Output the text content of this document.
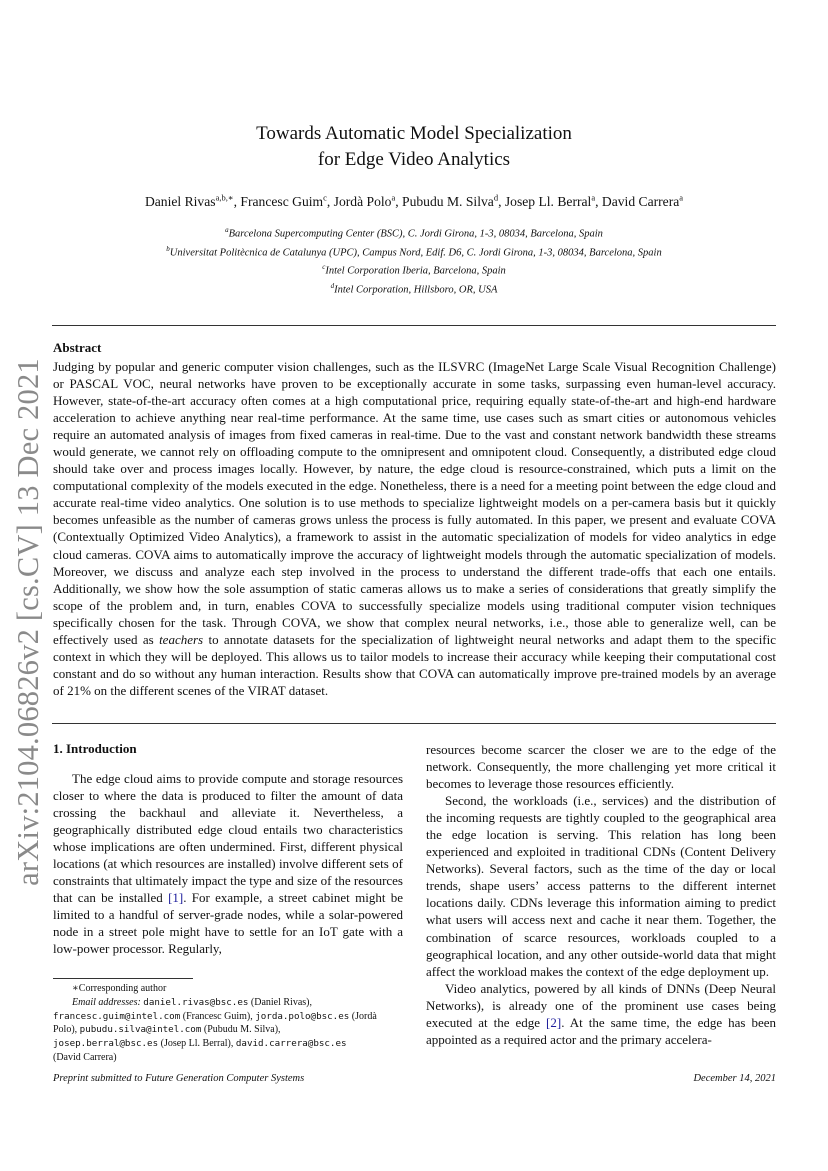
arXiv:2104.06826v2 [cs.CV] 13 Dec 2021
Towards Automatic Model Specialization
for Edge Video Analytics
Daniel Rivas$^{a,b,∗}$, Francesc Guim$^c$, Jordà Polo$^a$, Pubudu M. Silva$^d$, Josep Ll. Berral$^a$, David Carrera$^a$
$^a$Barcelona Supercomputing Center (BSC), C. Jordi Girona, 1-3, 08034, Barcelona, Spain
$^b$Universitat Politècnica de Catalunya (UPC), Campus Nord, Edif. D6, C. Jordi Girona, 1-3, 08034, Barcelona, Spain
$^c$Intel Corporation Iberia, Barcelona, Spain
$^d$Intel Corporation, Hillsboro, OR, USA
Abstract
Judging by popular and generic computer vision challenges, such as the ILSVRC (ImageNet Large Scale Visual Recognition Challenge) or PASCAL VOC, neural networks have proven to be exceptionally accurate in some tasks, surpassing even human-level accuracy. However, state-of-the-art accuracy often comes at a high computational price, requiring equally state-of-the-art and high-end hardware acceleration to achieve anything near real-time performance. At the same time, use cases such as smart cities or autonomous vehicles require an automated analysis of images from fixed cameras in real-time. Due to the vast and constant network bandwidth these streams would generate, we cannot rely on offloading compute to the omnipresent and omnipotent cloud. Consequently, a distributed edge cloud should take over and process images locally. However, by nature, the edge cloud is resource-constrained, which puts a limit on the computational complexity of the models executed in the edge. Nonetheless, there is a need for a meeting point between the edge cloud and accurate real-time video analytics. One solution is to use methods to specialize lightweight models on a per-camera basis but it quickly becomes unfeasible as the number of cameras grows unless the process is fully automated. In this paper, we present and evaluate COVA (Contextually Optimized Video Analytics), a framework to assist in the automatic specialization of models for video analytics in edge cloud cameras. COVA aims to automatically improve the accuracy of lightweight models through the automatic specialization of models. Moreover, we discuss and analyze each step involved in the process to understand the different trade-offs that each one entails. Additionally, we show how the sole assumption of static cameras allows us to make a series of considerations that greatly simplify the scope of the problem and, in turn, enables COVA to successfully specialize models using traditional computer vision techniques specifically chosen for the task. Through COVA, we show that complex neural networks, i.e., those able to generalize well, can be effectively used as teachers to annotate datasets for the specialization of lightweight neural networks and adapt them to the specific context in which they will be deployed. This allows us to tailor models to increase their accuracy while keeping their computational cost constant and do so without any human interaction. Results show that COVA can automatically improve pre-trained models by an average of 21% on the different scenes of the VIRAT dataset.
1. Introduction

The edge cloud aims to provide compute and storage resources closer to where the data is produced to filter the amount of data crossing the backhaul and alleviate it. Nevertheless, a geographically distributed edge cloud entails two characteristics whose implications are often undermined. First, different physical locations (at which resources are installed) involve different sets of constraints that ultimately impact the type and size of the resources that can be installed [1]. For example, a street cabinet might be limited to a handful of server-grade nodes, while a solar-powered node in a street pole might have to settle for an IoT gate with a low-power processor. Regularly,

resources become scarcer the closer we are to the edge of the network. Consequently, the more challenging yet more critical it becomes to leverage those resources efficiently.

Second, the workloads (i.e., services) and the distribution of the incoming requests are tightly coupled to the geographical area the edge location is serving. This relation has long been experienced and exploited in traditional CDNs (Content Delivery Networks). Several factors, such as the time of the day or local trends, shape users’ access patterns to the different internet locations daily. CDNs leverage this information aiming to predict what users will access next and cache it near them. Together, the combination of scarce resources, workloads coupled to a geographical location, and any other outside-world data that might affect the workload makes the context of the edge deployment up.

Video analytics, powered by all kinds of DNNs (Deep Neural Networks), is already one of the prominent use cases being executed at the edge [2]. At the same time, the edge has been appointed as a required actor and the primary accelera-

∗Corresponding author

Email addresses: daniel.rivas@bsc.es (Daniel Rivas),
francesc.guim@intel.com (Francesc Guim), jorda.polo@bsc.es (Jordà Polo), pubudu.silva@intel.com (Pubudu M. Silva),
josep.berral@bsc.es (Josep Ll. Berral), david.carrera@bsc.es
(David Carrera)

Preprint submitted to Future Generation Computer Systems	December 14, 2021
